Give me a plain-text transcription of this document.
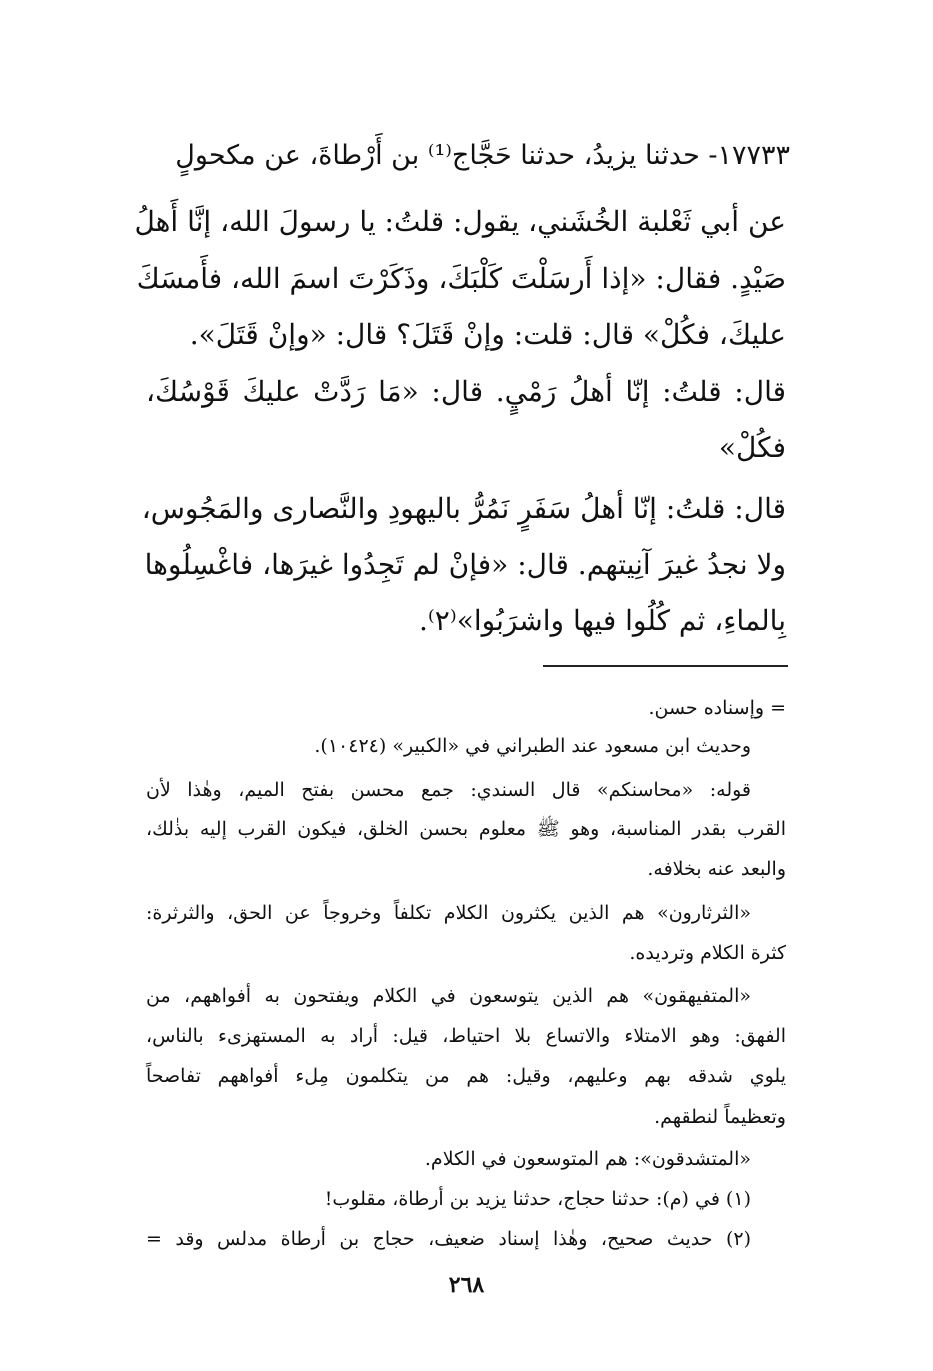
١٧٧٣٣- حدثنا يزيدُ، حدثنا حَجَّاج⁽¹⁾ بن أَرْطاةَ، عن مكحولٍ
عن أبي ثَعْلبة الخُشَني، يقول: قلتُ: يا رسولَ الله، إنَّا أَهلُ
صَيْدٍ. فقال: «إذا أَرسَلْتَ كَلْبَكَ، وذَكَرْتَ اسمَ الله، فأَمسَكَ
عليكَ، فكُلْ» قال: قلت: وإنْ قَتَلَ؟ قال: «وإنْ قَتَلَ».
قال: قلتُ: إنّا أهلُ رَمْيٍ. قال: «مَا رَدَّتْ عليكَ قَوْسُكَ،
فكُلْ»
قال: قلتُ: إنّا أهلُ سَفَرٍ نَمُرُّ باليهودِ والنَّصارى والمَجُوس،
ولا نجدُ غيرَ آنِيتهم. قال: «فإنْ لم تَجِدُوا غيرَها، فاغْسِلُوها
بِالماءِ، ثم كُلُوا فيها واشرَبُوا»⁽٢⁾.
= وإسناده حسن.
وحديث ابن مسعود عند الطبراني في «الكبير» (١٠٤٢٤).
قوله: «محاسنكم» قال السندي: جمع محسن بفتح الميم، وهٰذا لأن
القرب بقدر المناسبة، وهو ﷺ معلوم بحسن الخلق، فيكون القرب إليه بذٰلك،
والبعد عنه بخلافه.
«الثرثارون» هم الذين يكثرون الكلام تكلفاً وخروجاً عن الحق، والثرثرة:
كثرة الكلام وترديده.
«المتفيهقون» هم الذين يتوسعون في الكلام ويفتحون به أفواههم، من
الفهق: وهو الامتلاء والاتساع بلا احتياط، قيل: أراد به المستهزىء بالناس،
يلوي شدقه بهم وعليهم، وقيل: هم من يتكلمون مِلء أفواههم تفاصحاً
وتعظيماً لنطقهم.
«المتشدقون»: هم المتوسعون في الكلام.
(١) في (م): حدثنا حجاج، حدثنا يزيد بن أرطاة، مقلوب!
(٢) حديث صحيح، وهٰذا إسناد ضعيف، حجاج بن أرطاة مدلس وقد =
٢٦٨
